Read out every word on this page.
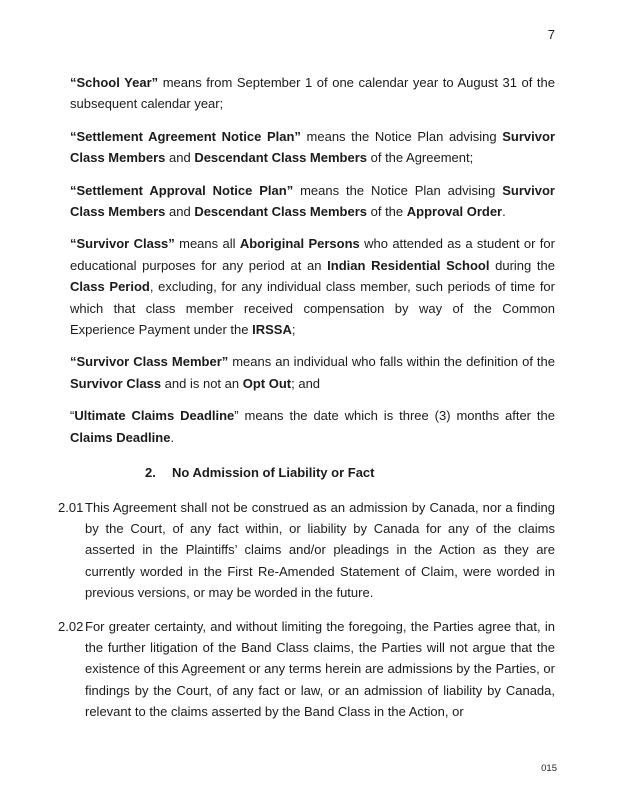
7

“School Year” means from September 1 of one calendar year to August 31 of the subsequent calendar year;

“Settlement Agreement Notice Plan” means the Notice Plan advising Survivor Class Members and Descendant Class Members of the Agreement;

“Settlement Approval Notice Plan” means the Notice Plan advising Survivor Class Members and Descendant Class Members of the Approval Order.

“Survivor Class” means all Aboriginal Persons who attended as a student or for educational purposes for any period at an Indian Residential School during the Class Period, excluding, for any individual class member, such periods of time for which that class member received compensation by way of the Common Experience Payment under the IRSSA;

“Survivor Class Member” means an individual who falls within the definition of the Survivor Class and is not an Opt Out; and

“Ultimate Claims Deadline” means the date which is three (3) months after the Claims Deadline.

2. No Admission of Liability or Fact

2.01 This Agreement shall not be construed as an admission by Canada, nor a finding by the Court, of any fact within, or liability by Canada for any of the claims asserted in the Plaintiffs’ claims and/or pleadings in the Action as they are currently worded in the First Re-Amended Statement of Claim, were worded in previous versions, or may be worded in the future.

2.02 For greater certainty, and without limiting the foregoing, the Parties agree that, in the further litigation of the Band Class claims, the Parties will not argue that the existence of this Agreement or any terms herein are admissions by the Parties, or findings by the Court, of any fact or law, or an admission of liability by Canada, relevant to the claims asserted by the Band Class in the Action, or

015
